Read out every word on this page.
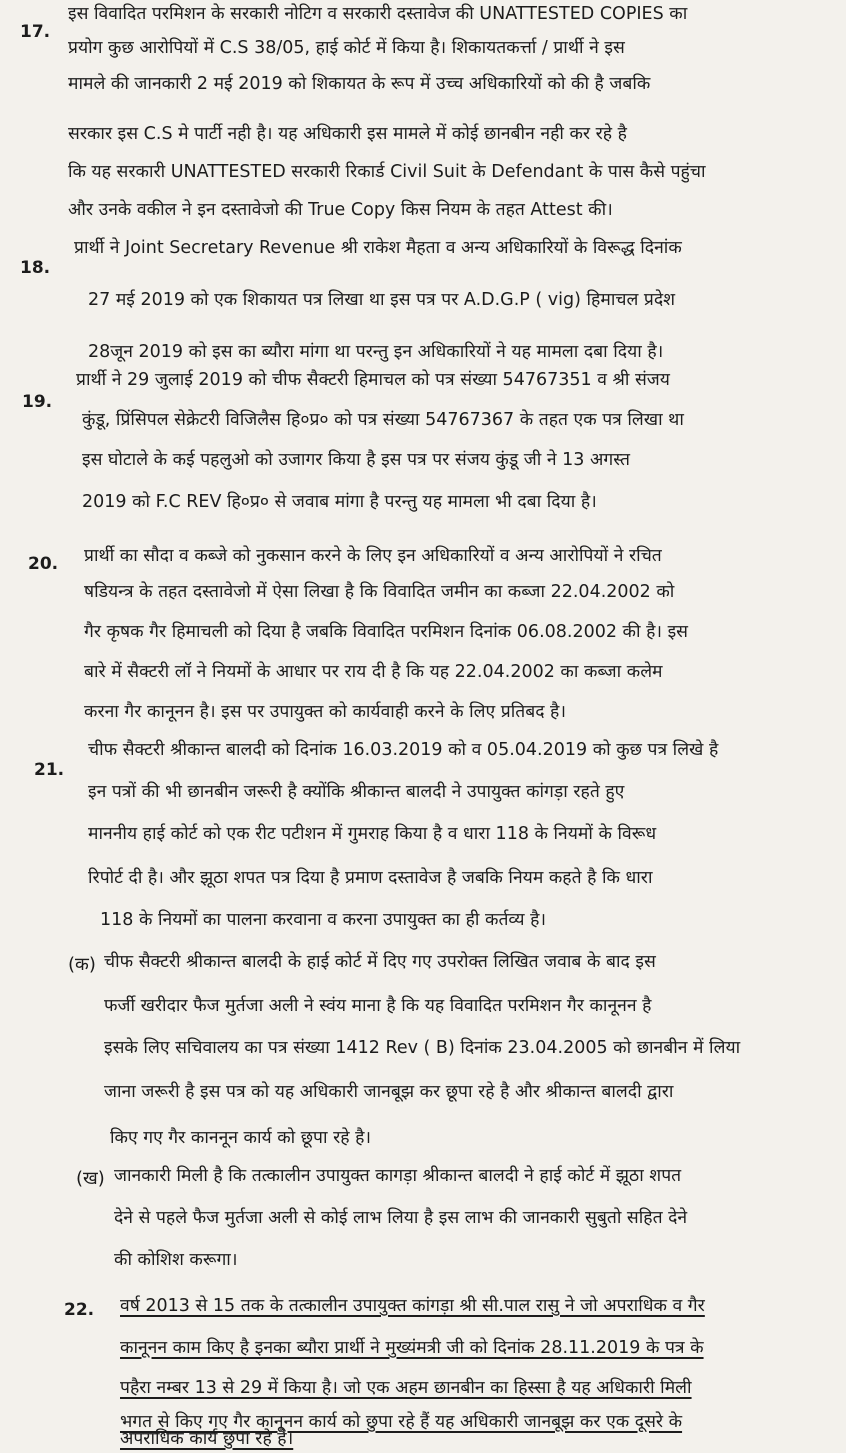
17.
इस विवादित परमिशन के सरकारी नोटिग व सरकारी दस्तावेज की UNATTESTED COPIES का
प्रयोग कुछ आरोपियों में C.S 38/05, हाई कोर्ट में किया है। शिकायतकर्त्ता / प्रार्थी ने इस
मामले की जानकारी 2 मई 2019 को शिकायत के रूप में उच्च अधिकारियों को की है जबकि
सरकार इस C.S मे पार्टी नही है। यह अधिकारी इस मामले में कोई छानबीन नही कर रहे है
कि यह सरकारी UNATTESTED सरकारी रिकार्ड Civil Suit के Defendant के पास कैसे पहुंचा
और उनके वकील ने इन दस्तावेजो की True Copy किस नियम के तहत Attest की।
18.
प्रार्थी ने Joint Secretary Revenue श्री राकेश मैहता व अन्य अधिकारियों के विरूद्ध दिनांक
27 मई 2019 को एक शिकायत पत्र लिखा था इस पत्र पर A.D.G.P ( vig) हिमाचल प्रदेश
28जून 2019 को इस का ब्यौरा मांगा था परन्तु इन अधिकारियों ने यह मामला दबा दिया है।
19.
प्रार्थी ने 29 जुलाई 2019 को चीफ सैक्टरी हिमाचल को पत्र संख्या 54767351 व श्री संजय
कुंडू, प्रिंसिपल सेक्रेटरी विजिलैस हि०प्र० को पत्र संख्या 54767367 के तहत एक पत्र लिखा था
इस घोटाले के कई पहलुओ को उजागर किया है इस पत्र पर संजय कुंडू जी ने 13 अगस्त
2019 को F.C REV हि०प्र० से जवाब मांगा है परन्तु यह मामला भी दबा दिया है।
20. प्रार्थी का सौदा व कब्जे को नुकसान करने के लिए इन अधिकारियों व अन्य आरोपियों ने रचित
षडियन्त्र के तहत दस्तावेजो में ऐसा लिखा है कि विवादित जमीन का कब्जा 22.04.2002 को
गैर कृषक गैर हिमाचली को दिया है जबकि विवादित परमिशन दिनांक 06.08.2002 की है। इस
बारे में सैक्टरी लॉ ने नियमों के आधार पर राय दी है कि यह 22.04.2002 का कब्जा कलेम
करना गैर कानूनन है। इस पर उपायुक्त को कार्यवाही करने के लिए प्रतिबद है।
21.
चीफ सैक्टरी श्रीकान्त बालदी को दिनांक 16.03.2019 को व 05.04.2019 को कुछ पत्र लिखे है
इन पत्रों की भी छानबीन जरूरी है क्योंकि श्रीकान्त बालदी ने उपायुक्त कांगड़ा रहते हुए
माननीय हाई कोर्ट को एक रीट पटीशन में गुमराह किया है व धारा 118 के नियमों के विरूध
रिपोर्ट दी है। और झूठा शपत पत्र दिया है प्रमाण दस्तावेज है जबकि नियम कहते है कि धारा
118 के नियमों का पालना करवाना व करना उपायुक्त का ही कर्तव्य है।
(क) चीफ सैक्टरी श्रीकान्त बालदी के हाई कोर्ट में दिए गए उपरोक्त लिखित जवाब के बाद इस
फर्जी खरीदार फैज मुर्तजा अली ने स्वंय माना है कि यह विवादित परमिशन गैर कानूनन है
इसके लिए सचिवालय का पत्र संख्या 1412 Rev ( B) दिनांक 23.04.2005 को छानबीन में लिया
जाना जरूरी है इस पत्र को यह अधिकारी जानबूझ कर छूपा रहे है और श्रीकान्त बालदी द्वारा
किए गए गैर काननून कार्य को छूपा रहे है।
(ख) जानकारी मिली है कि तत्कालीन उपायुक्त कागड़ा श्रीकान्त बालदी ने हाई कोर्ट में झूठा शपत
देने से पहले फैज मुर्तजा अली से कोई लाभ लिया है इस लाभ की जानकारी सुबुतो सहित देने
की कोशिश करूगा।
22. वर्ष 2013 से 15 तक के तत्कालीन उपायुक्त कांगड़ा श्री सी.पाल रासु ने जो अपराधिक व गैर
कानूनन काम किए है इनका ब्यौरा प्रार्थी ने मुख्यंमत्री जी को दिनांक 28.11.2019 के पत्र के
पहैरा नम्बर 13 से 29 में किया है। जो एक अहम छानबीन का हिस्सा है यह अधिकारी मिली
भगत से किए गए गैर कानूनन कार्य को छुपा रहे हैं यह अधिकारी जानबूझ कर एक दूसरे के
अपराधिक कार्य छुपा रहे है।
